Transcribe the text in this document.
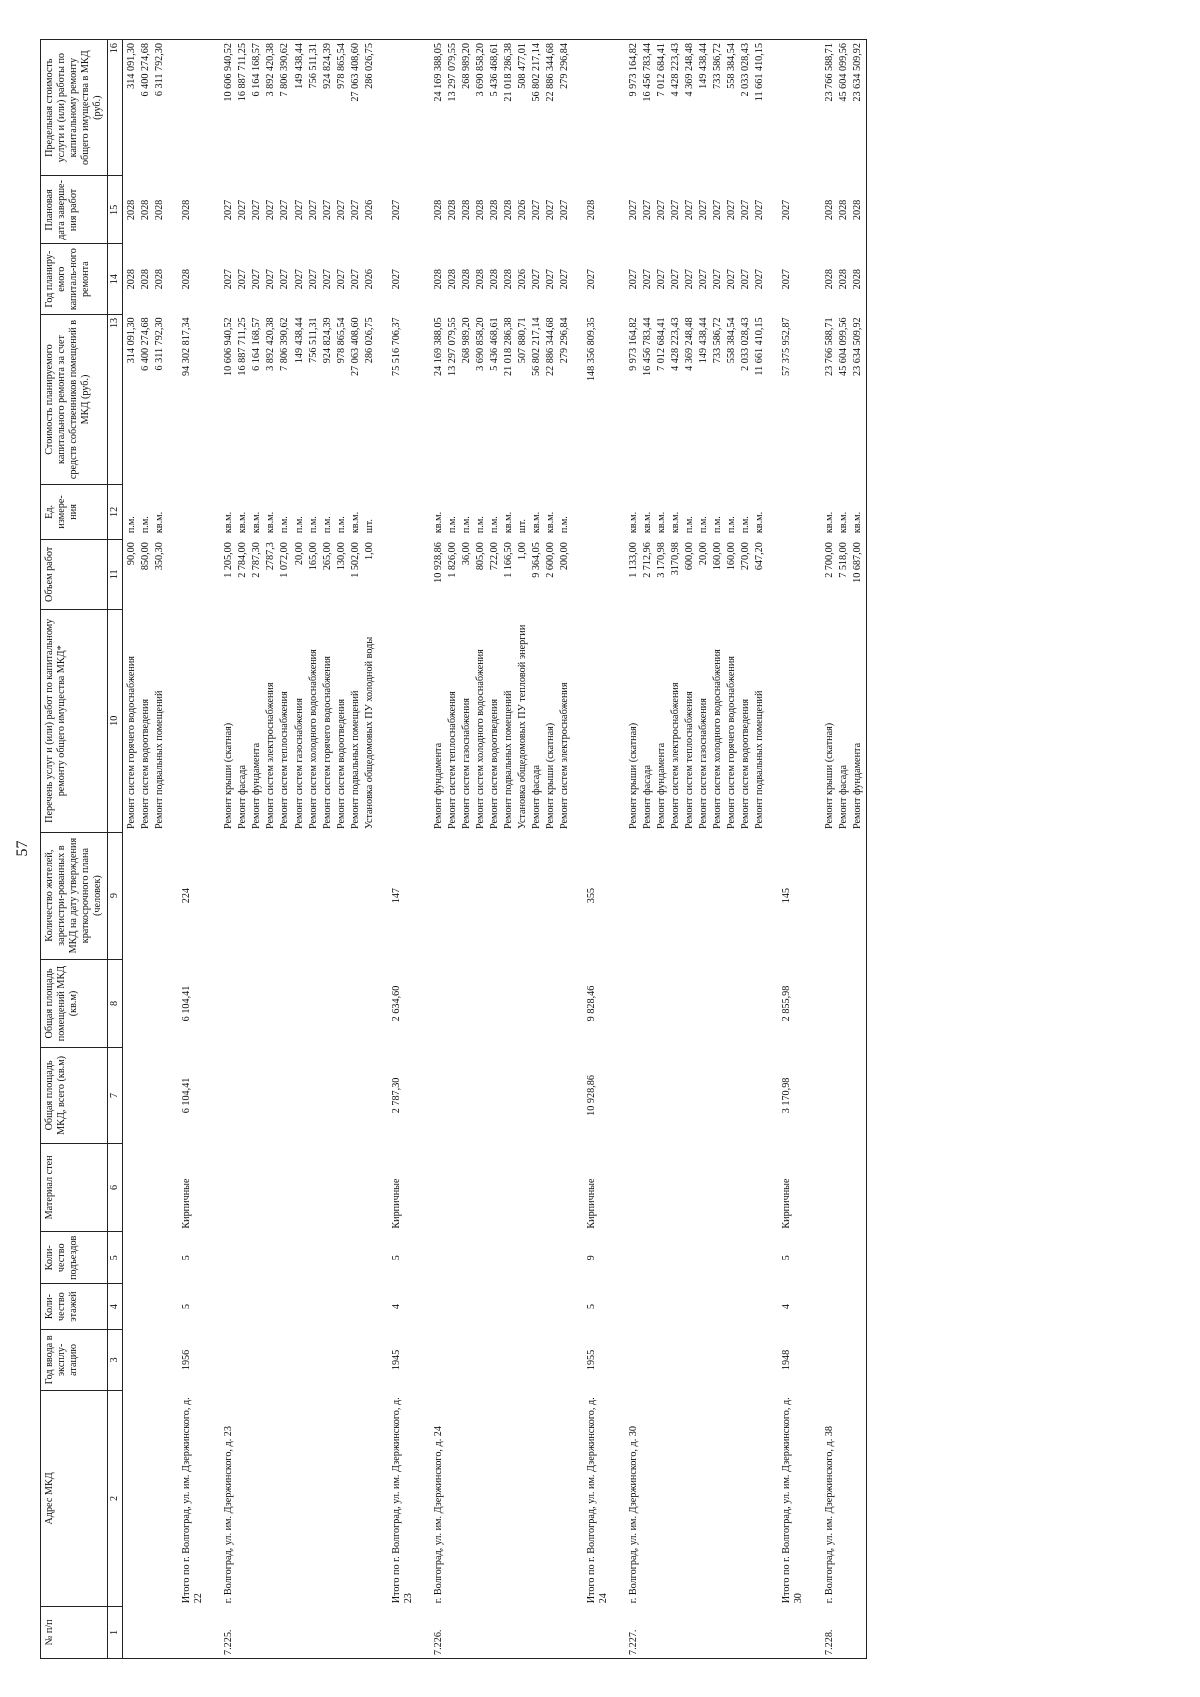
57
№ п/п	Адрес МКД	Год ввода в эксплу-атацию	Коли-чество этажей	Коли-чество подъездов	Материал стен	Общая площадь МКД, всего (кв.м)	Общая площадь помещений МКД (кв.м)	Количество жителей, зарегистри-рованных в МКД на дату утверждения краткосрочного плана (человек)	Перечень услуг и (или) работ по капитальному ремонту общего имущества МКД*	Объем работ	Ед. измере-ния	Стоимость планируемого капитального ремонта за счет средств собственников помещений в МКД (руб.)	Год планиру-емого капиталь-ного ремонта	Плановая дата заверше-ния работ	Предельная стоимость услуги и (или) работы по капитальному ремонту общего имущества в МКД (руб.)
1	2	3	4	5	6	7	8	9	10	11	12	13	14	15	16
									Ремонт систем горячего водоснабжения	90,00	п.м.	314 091,30	2028	2028	314 091,30
									Ремонт систем водоотведения	850,00	п.м.	6 400 274,68	2028	2028	6 400 274,68
									Ремонт подвальных помещений	350,30	кв.м.	6 311 792,30	2028	2028	6 311 792,30
	Итого по г. Волгоград, ул. им. Дзержинского, д. 22	1956	5	5	Кирпичные	6 104,41	6 104,41	224				94 302 817,34	2028	2028	
7.225.	г. Волгоград, ул. им. Дзержинского, д. 23								Ремонт крыши (скатная)	1 205,00	кв.м.	10 606 940,52	2027	2027	10 606 940,52
									Ремонт фасада	2 784,00	кв.м.	16 887 711,25	2027	2027	16 887 711,25
									Ремонт фундамента	2 787,30	кв.м.	6 164 168,57	2027	2027	6 164 168,57
									Ремонт систем электроснабжения	2787,3	кв.м.	3 892 420,38	2027	2027	3 892 420,38
									Ремонт систем теплоснабжения	1 072,00	п.м.	7 806 390,62	2027	2027	7 806 390,62
									Ремонт систем газоснабжения	20,00	п.м.	149 438,44	2027	2027	149 438,44
									Ремонт систем холодного водоснабжения	165,00	п.м.	756 511,31	2027	2027	756 511,31
									Ремонт систем горячего водоснабжения	265,00	п.м.	924 824,39	2027	2027	924 824,39
									Ремонт систем водоотведения	130,00	п.м.	978 865,54	2027	2027	978 865,54
									Ремонт подвальных помещений	1 502,00	кв.м.	27 063 408,60	2027	2027	27 063 408,60
									Установка общедомовых ПУ холодной воды	1,00	шт.	286 026,75	2026	2026	286 026,75
	Итого по г. Волгоград, ул. им. Дзержинского, д. 23	1945	4	5	Кирпичные	2 787,30	2 634,60	147				75 516 706,37	2027	2027	
7.226.	г. Волгоград, ул. им. Дзержинского, д. 24								Ремонт фундамента	10 928,86	кв.м.	24 169 388,05	2028	2028	24 169 388,05
									Ремонт систем теплоснабжения	1 826,00	п.м.	13 297 079,55	2028	2028	13 297 079,55
									Ремонт систем газоснабжения	36,00	п.м.	268 989,20	2028	2028	268 989,20
									Ремонт систем холодного водоснабжения	805,00	п.м.	3 690 858,20	2028	2028	3 690 858,20
									Ремонт систем водоотведения	722,00	п.м.	5 436 468,61	2028	2028	5 436 468,61
									Ремонт подвальных помещений	1 166,50	кв.м.	21 018 286,38	2028	2028	21 018 286,38
									Установка общедомовых ПУ тепловой энергии	1,00	шт.	507 880,71	2026	2026	508 477,01
									Ремонт фасада	9 364,05	кв.м.	56 802 217,14	2027	2027	56 802 217,14
									Ремонт крыши (скатная)	2 600,00	кв.м.	22 886 344,68	2027	2027	22 886 344,68
									Ремонт систем электроснабжения	200,00	п.м.	279 296,84	2027	2027	279 296,84
	Итого по г. Волгоград, ул. им. Дзержинского, д. 24	1955	5	9	Кирпичные	10 928,86	9 828,46	355				148 356 809,35	2027	2028	
7.227.	г. Волгоград, ул. им. Дзержинского, д. 30								Ремонт крыши (скатная)	1 133,00	кв.м.	9 973 164,82	2027	2027	9 973 164,82
									Ремонт фасада	2 712,96	кв.м.	16 456 783,44	2027	2027	16 456 783,44
									Ремонт фундамента	3 170,98	кв.м.	7 012 684,41	2027	2027	7 012 684,41
									Ремонт систем электроснабжения	3170,98	кв.м.	4 428 223,43	2027	2027	4 428 223,43
									Ремонт систем теплоснабжения	600,00	п.м.	4 369 248,48	2027	2027	4 369 248,48
									Ремонт систем газоснабжения	20,00	п.м.	149 438,44	2027	2027	149 438,44
									Ремонт систем холодного водоснабжения	160,00	п.м.	733 586,72	2027	2027	733 586,72
									Ремонт систем горячего водоснабжения	160,00	п.м.	558 384,54	2027	2027	558 384,54
									Ремонт систем водоотведения	270,00	п.м.	2 033 028,43	2027	2027	2 033 028,43
									Ремонт подвальных помещений	647,20	кв.м.	11 661 410,15	2027	2027	11 661 410,15
	Итого по г. Волгоград, ул. им. Дзержинского, д. 30	1948	4	5	Кирпичные	3 170,98	2 855,98	145				57 375 952,87	2027	2027	
7.228.	г. Волгоград, ул. им. Дзержинского, д. 38								Ремонт крыши (скатная)	2 700,00	кв.м.	23 766 588,71	2028	2028	23 766 588,71
									Ремонт фасада	7 518,00	кв.м.	45 604 099,56	2028	2028	45 604 099,56
									Ремонт фундамента	10 687,00	кв.м.	23 634 509,92	2028	2028	23 634 509,92
